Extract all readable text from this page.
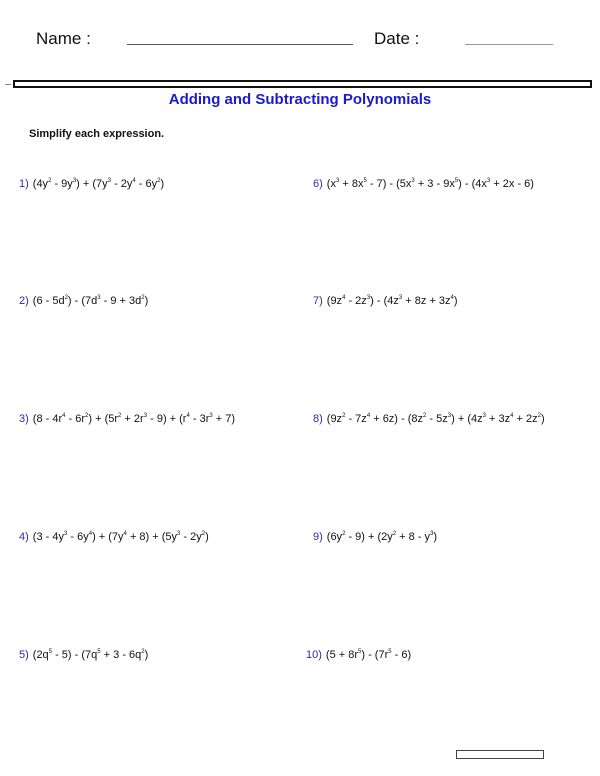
Name :	Date :
Adding and Subtracting Polynomials
Simplify each expression.
1) $(4y^2 - 9y^3) + (7y^3 - 2y^4 - 6y^2)$
2) $(6 - 5d^2) - (7d^3 - 9 + 3d^2)$
3) $(8 - 4r^4 - 6r^2) + (5r^2 + 2r^3 - 9) + (r^4 - 3r^3 + 7)$
4) $(3 - 4y^3 - 6y^4) + (7y^4 + 8) + (5y^3 - 2y^2)$
5) $(2q^5 - 5) - (7q^5 + 3 - 6q^2)$
6) $(x^3 + 8x^5 - 7) - (5x^3 + 3 - 9x^5) - (4x^3 + 2x - 6)$
7) $(9z^4 - 2z^3) - (4z^3 + 8z + 3z^4)$
8) $(9z^2 - 7z^4 + 6z) - (8z^2 - 5z^3) + (4z^3 + 3z^4 + 2z^2)$
9) $(6y^2 - 9) + (2y^2 + 8 - y^3)$
10) $(5 + 8r^5) - (7r^5 - 6)$
